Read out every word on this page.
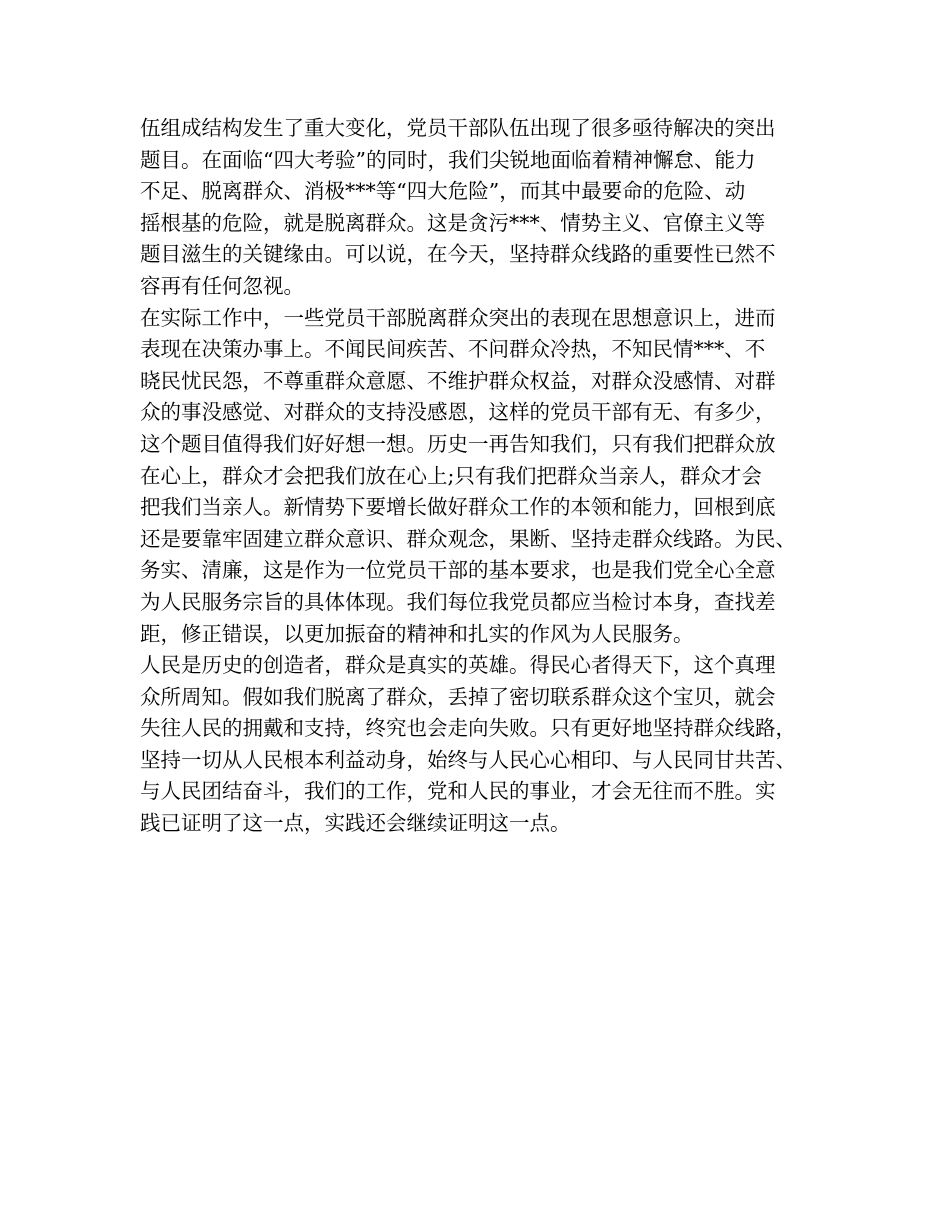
伍组成结构发生了重大变化，党员干部队伍出现了很多亟待解决的突出
题目。在面临“四大考验”的同时，我们尖锐地面临着精神懈怠、能力
不足、脱离群众、消极***等“四大危险”，而其中最要命的危险、动
摇根基的危险，就是脱离群众。这是贪污***、情势主义、官僚主义等
题目滋生的关键缘由。可以说，在今天，坚持群众线路的重要性已然不
容再有任何忽视。
在实际工作中，一些党员干部脱离群众突出的表现在思想意识上，进而
表现在决策办事上。不闻民间疾苦、不问群众冷热，不知民情***、不
晓民忧民怨，不尊重群众意愿、不维护群众权益，对群众没感情、对群
众的事没感觉、对群众的支持没感恩，这样的党员干部有无、有多少，
这个题目值得我们好好想一想。历史一再告知我们，只有我们把群众放
在心上，群众才会把我们放在心上;只有我们把群众当亲人，群众才会
把我们当亲人。新情势下要增长做好群众工作的本领和能力，回根到底
还是要靠牢固建立群众意识、群众观念，果断、坚持走群众线路。为民、
务实、清廉，这是作为一位党员干部的基本要求，也是我们党全心全意
为人民服务宗旨的具体体现。我们每位我党员都应当检讨本身，查找差
距，修正错误，以更加振奋的精神和扎实的作风为人民服务。
人民是历史的创造者，群众是真实的英雄。得民心者得天下，这个真理
众所周知。假如我们脱离了群众，丢掉了密切联系群众这个宝贝，就会
失往人民的拥戴和支持，终究也会走向失败。只有更好地坚持群众线路，
坚持一切从人民根本利益动身，始终与人民心心相印、与人民同甘共苦、
与人民团结奋斗，我们的工作，党和人民的事业，才会无往而不胜。实
践已证明了这一点，实践还会继续证明这一点。
